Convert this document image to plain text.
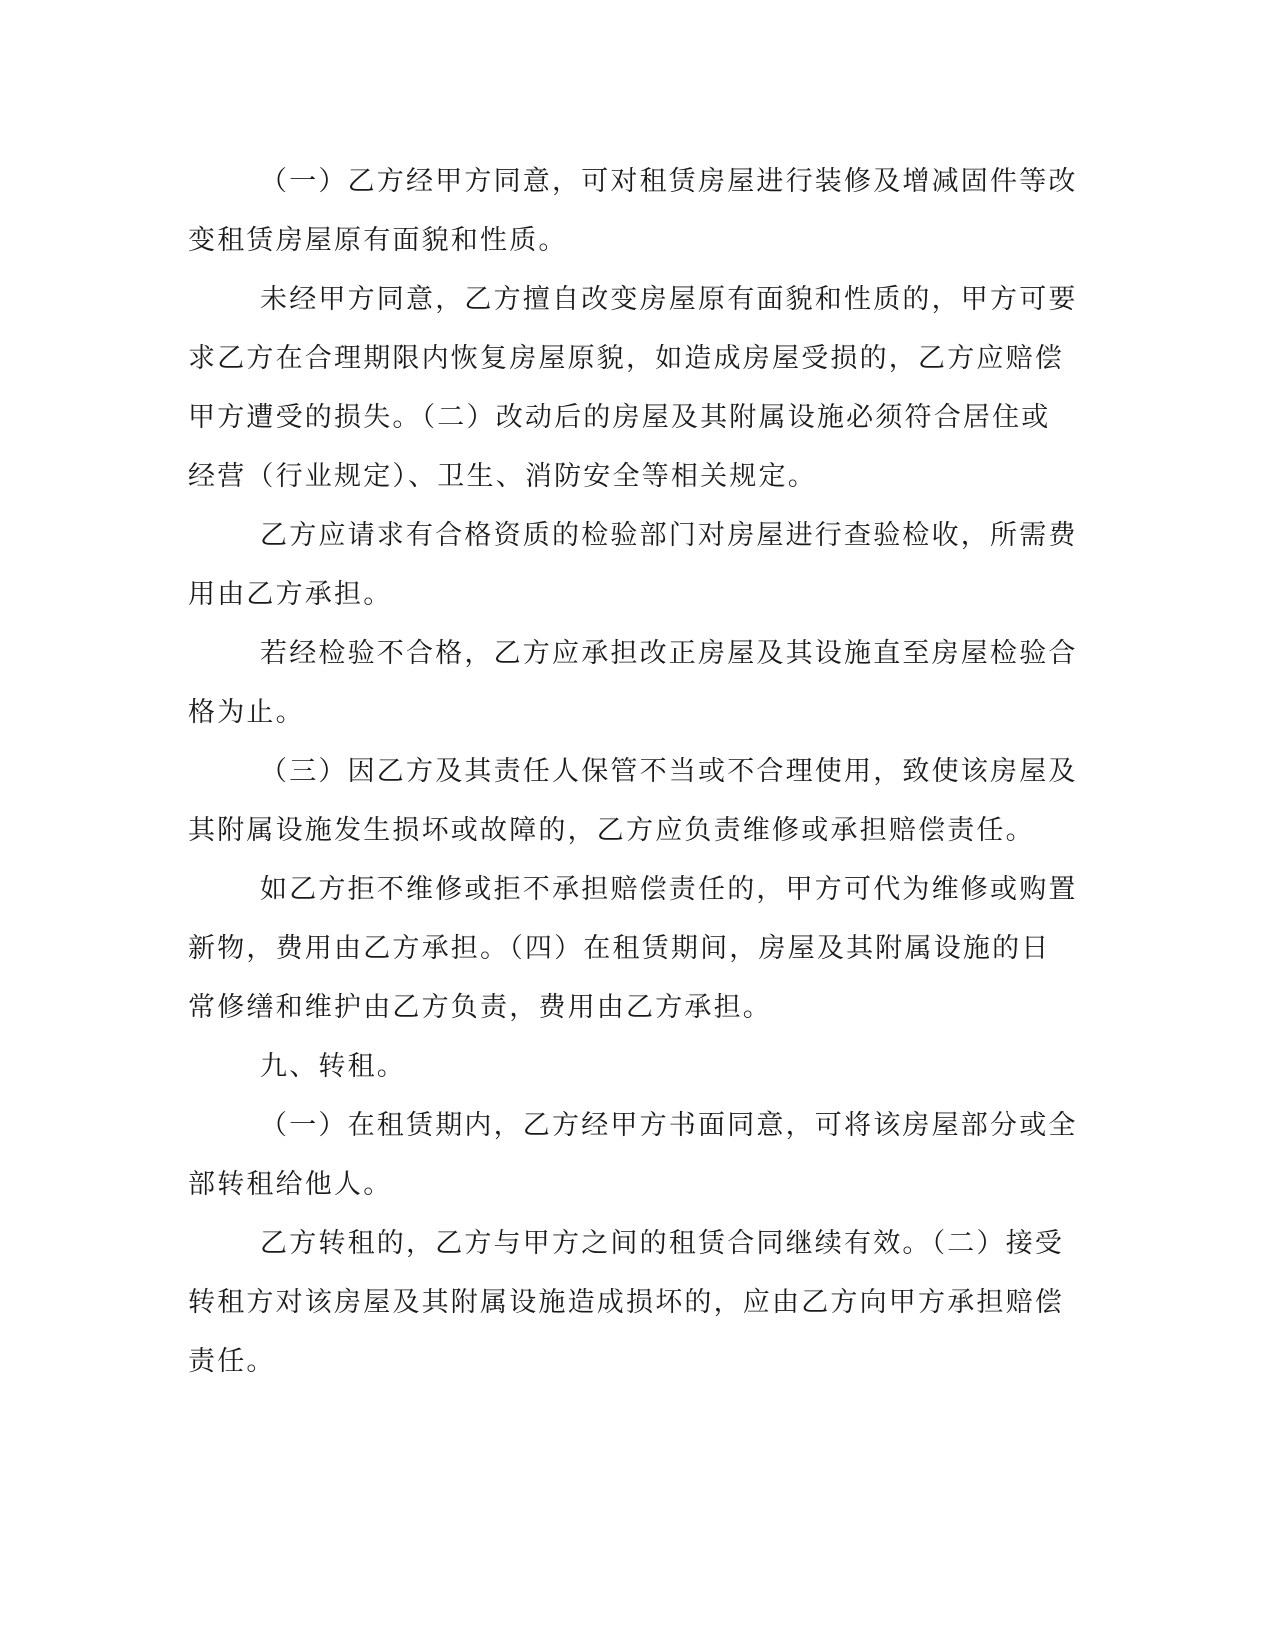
（一）乙方经甲方同意，可对租赁房屋进行装修及增减固件等改
变租赁房屋原有面貌和性质。
未经甲方同意，乙方擅自改变房屋原有面貌和性质的，甲方可要
求乙方在合理期限内恢复房屋原貌，如造成房屋受损的，乙方应赔偿
甲方遭受的损失。（二）改动后的房屋及其附属设施必须符合居住或
经营（行业规定）、卫生、消防安全等相关规定。
乙方应请求有合格资质的检验部门对房屋进行查验检收，所需费
用由乙方承担。
若经检验不合格，乙方应承担改正房屋及其设施直至房屋检验合
格为止。
（三）因乙方及其责任人保管不当或不合理使用，致使该房屋及
其附属设施发生损坏或故障的，乙方应负责维修或承担赔偿责任。
如乙方拒不维修或拒不承担赔偿责任的，甲方可代为维修或购置
新物，费用由乙方承担。（四）在租赁期间，房屋及其附属设施的日
常修缮和维护由乙方负责，费用由乙方承担。
九、转租。
（一）在租赁期内，乙方经甲方书面同意，可将该房屋部分或全
部转租给他人。
乙方转租的，乙方与甲方之间的租赁合同继续有效。（二）接受
转租方对该房屋及其附属设施造成损坏的，应由乙方向甲方承担赔偿
责任。
